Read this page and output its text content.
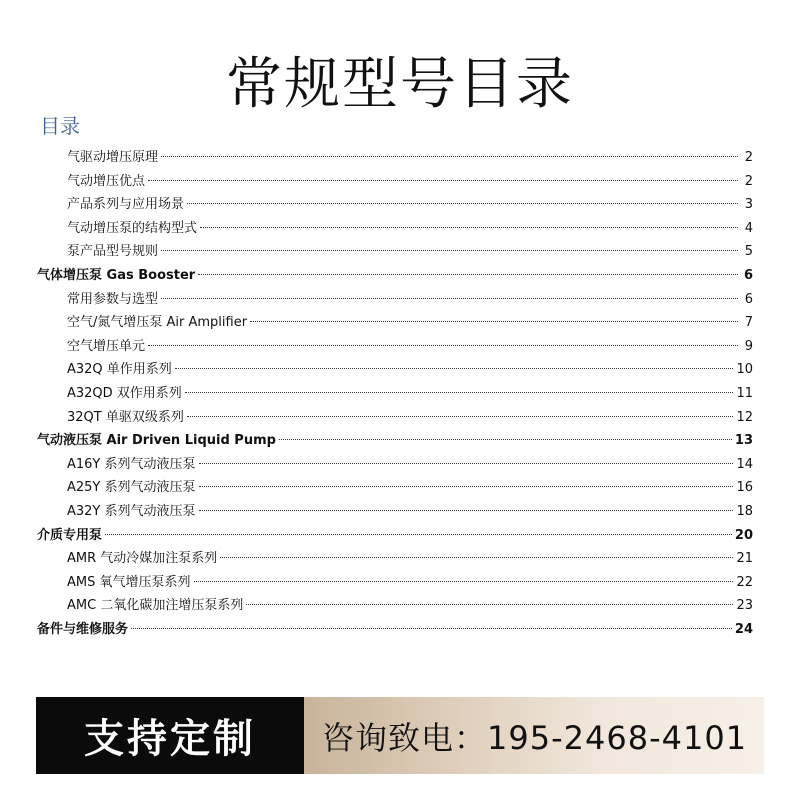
常规型号目录
目录
气驱动增压原理	2
气动增压优点	2
产品系列与应用场景	3
气动增压泵的结构型式	4
泵产品型号规则	5
气体增压泵 Gas Booster	6
常用参数与选型	6
空气/氮气增压泵 Air Amplifier	7
空气增压单元	9
A32Q 单作用系列	10
A32QD 双作用系列	11
32QT 单驱双级系列	12
气动液压泵 Air Driven Liquid Pump	13
A16Y 系列气动液压泵	14
A25Y 系列气动液压泵	16
A32Y 系列气动液压泵	18
介质专用泵	20
AMR 气动冷媒加注泵系列	21
AMS 氧气增压泵系列	22
AMC 二氧化碳加注增压泵系列	23
备件与维修服务	24
支持定制	咨询致电：195-2468-4101
